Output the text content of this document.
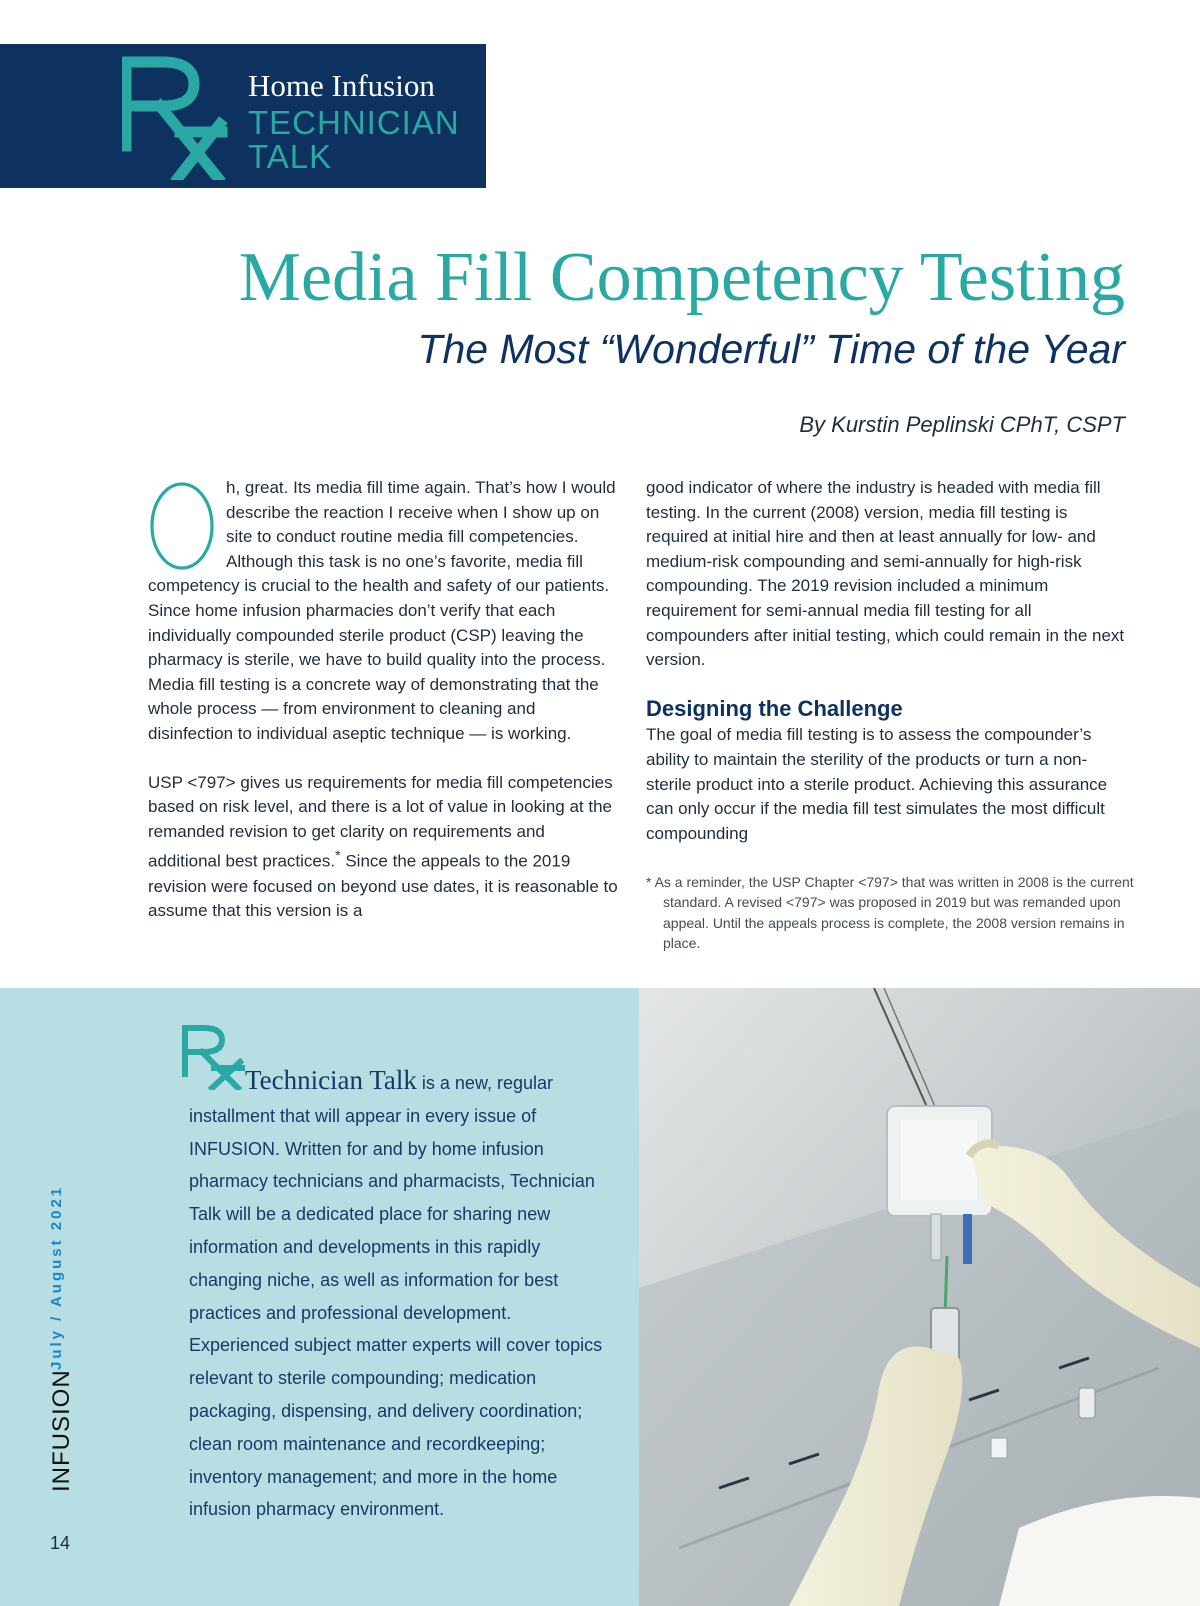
Home Infusion
TECHNICIAN
TALK
Media Fill Competency Testing
The Most “Wonderful” Time of the Year
By Kurstin Peplinski CPhT, CSPT

h, great. Its media fill time again. That’s how I would describe the reaction I receive when I show up on site to conduct routine media fill competencies. Although this task is no one’s favorite, media fill competency is crucial to the health and safety of our patients. Since home infusion pharmacies don’t verify that each individually compounded sterile product (CSP) leaving the pharmacy is sterile, we have to build quality into the process. Media fill testing is a concrete way of demonstrating that the whole process — from environment to cleaning and disinfection to individual aseptic technique — is working.

USP <797> gives us requirements for media fill competencies based on risk level, and there is a lot of value in looking at the remanded revision to get clarity on requirements and additional best practices.* Since the appeals to the 2019 revision were focused on beyond use dates, it is reasonable to assume that this version is a

good indicator of where the industry is headed with media fill testing. In the current (2008) version, media fill testing is required at initial hire and then at least annually for low- and medium-risk compounding and semi-annually for high-risk compounding. The 2019 revision included a minimum requirement for semi-annual media fill testing for all compounders after initial testing, which could remain in the next version.

Designing the Challenge

The goal of media fill testing is to assess the compounder’s ability to maintain the sterility of the products or turn a non-sterile product into a sterile product. Achieving this assurance can only occur if the media fill test simulates the most difficult compounding

* As a reminder, the USP Chapter <797> that was written in 2008 is the current standard. A revised <797> was proposed in 2019 but was remanded upon appeal. Until the appeals process is complete, the 2008 version remains in place.
Technician Talk is a new, regular installment that will appear in every issue of INFUSION. Written for and by home infusion pharmacy technicians and pharmacists, Technician Talk will be a dedicated place for sharing new information and developments in this rapidly changing niche, as well as information for best practices and professional development. Experienced subject matter experts will cover topics relevant to sterile compounding; medication packaging, dispensing, and delivery coordination; clean room maintenance and recordkeeping; inventory management; and more in the home infusion pharmacy environment.
July / August 2021
INFUSION
14
